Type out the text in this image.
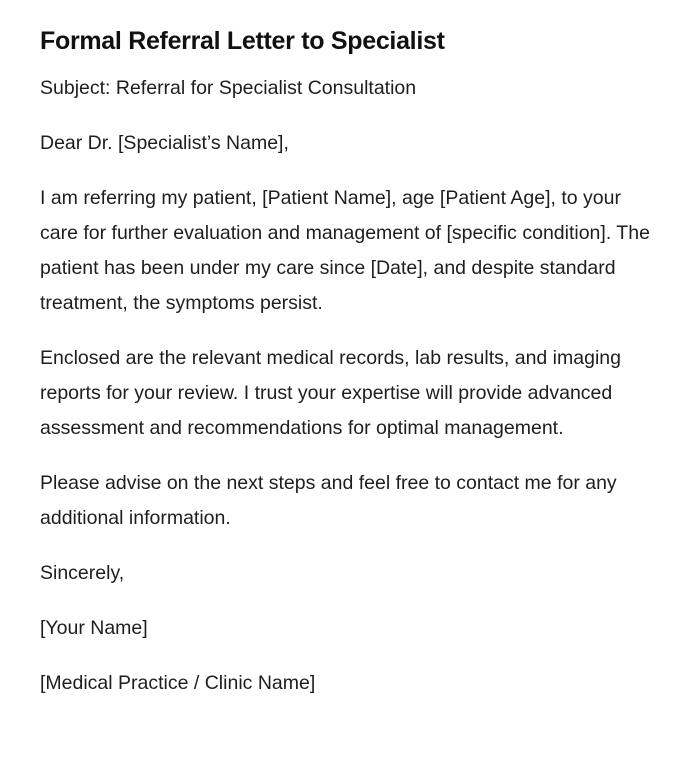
Formal Referral Letter to Specialist

Subject: Referral for Specialist Consultation

Dear Dr. [Specialist’s Name],

I am referring my patient, [Patient Name], age [Patient Age], to your care for further evaluation and management of [specific condition]. The patient has been under my care since [Date], and despite standard treatment, the symptoms persist.

Enclosed are the relevant medical records, lab results, and imaging reports for your review. I trust your expertise will provide advanced assessment and recommendations for optimal management.

Please advise on the next steps and feel free to contact me for any additional information.

Sincerely,

[Your Name]

[Medical Practice / Clinic Name]
